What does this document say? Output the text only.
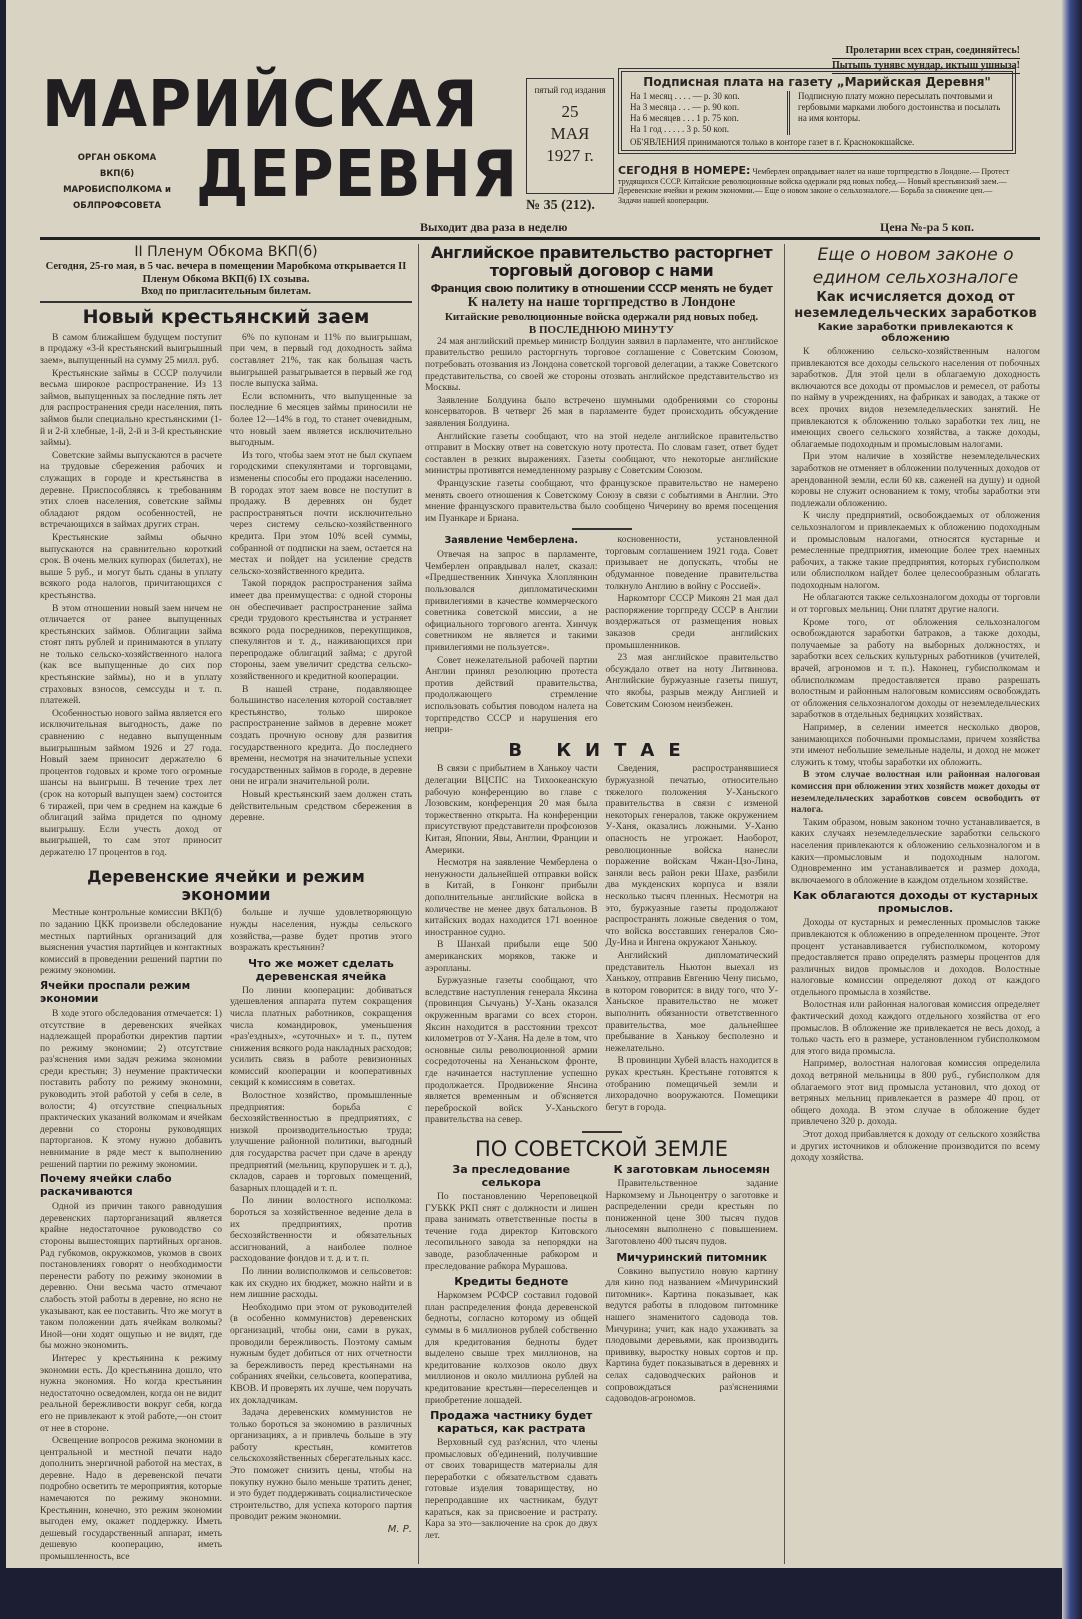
МАРИЙСКАЯ
ДЕРЕВНЯ
ОРГАН ОБКОМА ВКП(б) МАРОБИСПОЛКОМА и ОБЛПРОФСОВЕТА
Пролетарии всех стран, соединяйтесь!
Пытыпь тунявс мундар, иктыш ушныза!
пятый год издания
25
МАЯ
1927 г.
№ 35 (212).
Подписная плата на газету „Марийская Деревня"
На 1 месяц . . . . — р. 30 коп.
На 3 месяца . . . — р. 90 коп.
На 6 месяцев . . . 1 р. 75 коп.
На 1 год . . . . . 3 р. 50 коп.
Подписную плату можно пересылать почтовыми и гербовыми марками любого достоинства и посылать на имя конторы.
ОБ'ЯВЛЕНИЯ принимаются только в конторе газет в г. Краснококшайске.
СЕГОДНЯ В НОМЕРЕ: Чемберлен оправдывает налет на наше торгпредство в Лондоне.— Протест трудящихся СССР. Китайские революционные войска одержали ряд новых побед.— Новый крестьянский заем.— Деревенские ячейки и режим экономии.— Еще о новом законе о сельхозналоге.— Борьба за снижение цен.— Задачи нашей кооперации.
Выходит два раза в неделю	Цена №-ра 5 коп.
II Пленум Обкома ВКП(б)
Сегодня, 25-го мая, в 5 час. вечера в помещении Маробкома открывается II Пленум Обкома ВКП(б) IX созыва.
Вход по пригласительным билетам.
Новый крестьянский заем

В самом ближайшем будущем поступит в продажу «3-й крестьянский выигрышный заем», выпущенный на сумму 25 милл. руб.

Крестьянские займы в СССР получили весьма широкое распространение. Из 13 займов, выпущенных за последние пять лет для распространения среди населения, пять займов были специально крестьянскими (1-й и 2-й хлебные, 1-й, 2-й и 3-й крестьянские займы).

Советские займы выпускаются в расчете на трудовые сбережения рабочих и служащих в городе и крестьянства в деревне. Приспособляясь к требованиям этих слоев населения, советские займы обладают рядом особенностей, не встречающихся в займах других стран.

Крестьянские займы обычно выпускаются на сравнительно короткий срок. В очень мелких купюрах (билетах), не выше 5 руб., и могут быть сданы в уплату всякого рода налогов, причитающихся с крестьянства.

В этом отношении новый заем ничем не отличается от ранее выпущенных крестьянских займов. Облигации займа стоят пять рублей и принимаются в уплату не только сельско-хозяйственного налога (как все выпущенные до сих пор крестьянские займы), но и в уплату страховых взносов, семссуды и т. п. платежей.

Особенностью нового займа является его исключительная выгодность, даже по сравнению с недавно выпущенным выигрышным займом 1926 и 27 года. Новый заем приносит держателю 6 процентов годовых и кроме того огромные шансы на выигрыш. В течение трех лет (срок на который выпущен заем) состоится 6 тиражей, при чем в среднем на каждые 6 облигаций займа придется по одному выигрышу. Если учесть доход от выигрышей, то сам этот приносит держателю 17 процентов в год.

6% по купонам и 11% по выигрышам, при чем, в первый год доходность займа составляет 21%, так как большая часть выигрышей разыгрывается в первый же год после выпуска займа.

Если вспомнить, что выпущенные за последние 6 месяцев займы приносили не более 12—14% в год, то станет очевидным, что новый заем является исключительно выгодным.

Из того, чтобы заем этот не был скупаем городскими спекулянтами и торговцами, изменены способы его продажи населению. В городах этот заем вовсе не поступит в продажу. В деревнях он будет распространяться почти исключительно через систему сельско-хозяйственного кредита. При этом 10% всей суммы, собранной от подписки на заем, остается на местах и пойдет на усиление средств сельско-хозяйственного кредита.

Такой порядок распространения займа имеет два преимущества: с одной стороны он обеспечивает распространение займа среди трудового крестьянства и устраняет всякого рода посредников, перекупщиков, спекулянтов и т. д., наживающихся при перепродаже облигаций займа; с другой стороны, заем увеличит средства сельско-хозяйственного и кредитной кооперации.

В нашей стране, подавляющее большинство населения которой составляет крестьянство, только широкое распространение займов в деревне может создать прочную основу для развития государственного кредита. До последнего времени, несмотря на значительные успехи государственных займов в городе, в деревне они не играли значительной роли.

Новый крестьянский заем должен стать действительным средством сбережения в деревне.

Деревенские ячейки и режим экономии

Местные контрольные комиссии ВКП(б) по заданию ЦКК произвели обследование местных партийных организаций для выяснения участия партийцев и контактных комиссий в проведении решений партии по режиму экономии.

Ячейки проспали режим экономии

В ходе этого обследования отмечается: 1) отсутствие в деревенских ячейках надлежащей проработки директив партии по режиму экономии; 2) отсутствие раз'яснения ими задач режима экономии среди крестьян; 3) неумение практически поставить работу по режиму экономии, руководить этой работой у себя в селе, в волости; 4) отсутствие специальных практических указаний волкомам и ячейкам деревни со стороны руководящих парторганов. К этому нужно добавить невнимание в ряде мест к выполнению решений партии по режиму экономии.

Почему ячейки слабо раскачиваются

Одной из причин такого равнодушия деревенских парторганизаций является крайне недостаточное руководство со стороны вышестоящих партийных органов. Рад губкомов, окружкомов, укомов в своих постановлениях говорят о необходимости перенести работу по режиму экономии в деревню. Они весьма часто отмечают слабость этой работы в деревне, но ясно не указывают, как ее поставить. Что же могут в таком положении дать ячейкам волкомы? Иной—они ходят ощупью и не видят, где бы можно экономить.

Интерес у крестьянина к режиму экономии есть. До крестьянина дошло, что нужна экономия. Но когда крестьянин недостаточно осведомлен, когда он не видит реальной бережливости вокруг себя, когда его не привлекают к этой работе,—он стоит от нее в стороне.

Освещение вопросов режима экономии в центральной и местной печати надо дополнить энергичной работой на местах, в деревне. Надо в деревенской печати подробно осветить те мероприятия, которые намечаются по режиму экономии. Крестьянин, конечно, это режим экономии выгоден ему, окажет поддержку. Иметь дешевый государственный аппарат, иметь дешевую кооперацию, иметь промышленность, все

больше и лучше удовлетворяющую нужды населения, нужды сельского хозяйства,—разве будет против этого возражать крестьянин?

Что же может сделать деревенская ячейка

По линии кооперации: добиваться удешевления аппарата путем сокращения числа платных работников, сокращения числа командировок, уменьшения «раз'ездных», «суточных» и т. п., путем снижения всякого рода накладных расходов; усилить связь в работе ревизионных комиссий кооперации и кооперативных секций к комиссиям в советах.

Волостное хозяйство, промышленные предприятия: борьба с бесхозяйственностью в предприятиях, с низкой производительностью труда; улучшение районной политики, выгодный для государства расчет при сдаче в аренду предприятий (мельниц, крупорушек и т. д.), складов, сараев и торговых помещений, базарных площадей и т. п.

По линии волостного исполкома: бороться за хозяйственное ведение дела в их предприятиях, против бесхозяйственности и обязательных ассигнований, а наиболее полное расходование фондов и т. д. и т. п.

По линии волисполкомов и сельсоветов: как их скудно их бюджет, можно найти и в нем лишние расходы.

Необходимо при этом от руководителей (в особенно коммунистов) деревенских организаций, чтобы они, сами в руках, проводили бережливость. Поэтому самым нужным будет добиться от них отчетности за бережливость перед крестьянами на собраниях ячейки, сельсовета, кооператива, КВОВ. И проверять их лучше, чем поручать их докладчикам.

Задача деревенских коммунистов не только бороться за экономию в различных организациях, а и привлечь больше в эту работу крестьян, комитетов сельскохозяйственных сберегательных касс. Это поможет снизить цены, чтобы на покупку нужно было меньше тратить денег, и это будет поддерживать социалистическое строительство, для успеха которого партия проводит режим экономии.

М. Р.
Английское правительство расторгнет торговый договор с нами
Франция свою политику в отношении СССР менять не будет
К налету на наше торгпредство в Лондоне
Китайские революционные войска одержали ряд новых побед.
В ПОСЛЕДНЮЮ МИНУТУ

24 мая английский премьер министр Болдуин заявил в парламенте, что английское правительство решило расторгнуть торговое соглашение с Советским Союзом, потребовать отозвания из Лондона советской торговой делегации, а также Советского представительства, со своей же стороны отозвать английское представительство из Москвы.

Заявление Болдуина было встречено шумными одобрениями со стороны консерваторов. В четверг 26 мая в парламенте будет происходить обсуждение заявления Болдуина.

Английские газеты сообщают, что на этой неделе английское правительство отправит в Москву ответ на советскую ноту протеста. По словам газет, ответ будет составлен в резких выражениях. Газеты сообщают, что некоторые английские министры противятся немедленному разрыву с Советским Союзом.

Французские газеты сообщают, что французское правительство не намерено менять своего отношения к Советскому Союзу в связи с событиями в Англии. Это мнение французского правительства было сообщено Чичерину во время посещения им Пуанкаре и Бриана.

Заявление Чемберлена.

Отвечая на запрос в парламенте, Чемберлен оправдывал налет, сказал: «Предшественник Хинчука Хлоплянкин пользовался дипломатическими привилегиями в качестве коммерческого советника советской миссии, а не официального торгового агента. Хинчук советником не является и такими привилегиями не пользуется».

Совет нежелательной рабочей партии Англии принял резолюцию протеста против действий правительства, продолжающего стремление использовать события поводом налета на торгпредство СССР и нарушения его непри-

косновенности, установленной торговым соглашением 1921 года. Совет призывает не допускать, чтобы не обдуманное поведение правительства толкнуло Англию в войну с Россией».

Наркомторг СССР Микоян 21 мая дал распоряжение торгпреду СССР в Англии воздержаться от размещения новых заказов среди английских промышленников.

23 мая английское правительство обсуждало ответ на ноту Литвинова. Английские буржуазные газеты пишут, что якобы, разрыв между Англией и Советским Союзом неизбежен.

В КИТАЕ

В связи с прибытием в Ханькоу части делегации ВЦСПС на Тихоокеанскую рабочую конференцию во главе с Лозовским, конференция 20 мая была торжественно открыта. На конференции присутствуют представители профсоюзов Китая, Японии, Явы, Англии, Франции и Америки.

Несмотря на заявление Чемберлена о ненужности дальнейшей отправки войск в Китай, в Гонконг прибыли дополнительные английские войска в количестве не менее двух батальонов. В китайских водах находится 171 военное иностранное судно.

В Шанхай прибыли еще 500 американских моряков, также и аэропланы.

Буржуазные газеты сообщают, что вследствие наступления генерала Яксина (провинция Сычуань) У-Хань оказался окруженным врагами со всех сторон. Яксин находится в расстоянии трехсот километров от У-Ханя. На деле в том, что основные силы революционной армии сосредоточены на Хенаньском фронте, где начинается наступление успешно продолжается. Продвижение Янсина является временным и об'ясняется переброской войск У-Ханьского правительства на север.

Сведения, распространявшиеся буржуазной печатью, относительно тяжелого положения У-Ханьского правительства в связи с изменой некоторых генералов, также окружением У-Ханя, оказались ложными. У-Ханю опасность не угрожает. Наоборот, революционные войска нанесли поражение войскам Чжан-Цзо-Лина, заняли весь район реки Шахе, разбили два мукденских корпуса и взяли несколько тысяч пленных. Несмотря на это, буржуазные газеты продолжают распространять ложные сведения о том, что войска восставших генералов Сяо-Ду-Ина и Ингена окружают Ханькоу.

Английский дипломатический представитель Ньютон выехал из Ханькоу, отправив Евгению Чену письмо, в котором говорится: в виду того, что У-Ханьское правительство не может выполнить обязанности ответственного правительства, мое дальнейшее пребывание в Ханькоу бесполезно и нежелательно.

В провинции Хубей власть находится в руках крестьян. Крестьяне готовятся к отобранию помещичьей земли и лихорадочно вооружаются. Помещики бегут в города.

ПО СОВЕТСКОЙ ЗЕМЛЕ
За преследование селькора

По постановлению Череповецкой ГУБКК РКП снят с должности и лишен права занимать ответственные посты в течение года директор Китовского лесопильного завода за непорядки на заводе, разоблаченные рабкором и преследование рабкора Мурашова.

Кредиты бедноте

Наркомзем РСФСР составил годовой план распределения фонда деревенской бедноты, согласно которому из общей суммы в 6 миллионов рублей собственно для кредитования бедноты будет выделено свыше трех миллионов, на кредитование колхозов около двух миллионов и около миллиона рублей на кредитование крестьян—переселенцев и приобретение лошадей.

Продажа частнику будет караться, как растрата

Верховный суд раз'яснил, что члены промысловых об'единений, получившие от своих товариществ материалы для переработки с обязательством сдавать готовые изделия товариществу, но перепродавшие их частникам, будут караться, как за присвоение и растрату. Кара за это—заключение на срок до двух лет.

К заготовкам льносемян

Правительственное задание Наркомзему и Льноцентру о заготовке и распределении среди крестьян по пониженной цене 300 тысяч пудов льносемян выполнено с повышением. Заготовлено 400 тысяч пудов.

Мичуринский питомник

Совкино выпустило новую картину для кино под названием «Мичуринский питомник». Картина показывает, как ведутся работы в плодовом питомнике нашего знаменитого садовода тов. Мичурина; учит, как надо ухаживать за плодовыми деревьями, как производить прививку, выростку новых сортов и пр. Картина будет показываться в деревнях и селах садоводческих районов и сопровождаться раз'яснениями садоводов-агрономов.

Еще о новом законе о едином сельхозналоге
Как исчисляется доход от неземледельческих заработков
Какие заработки привлекаются к обложению

К обложению сельско-хозяйственным налогом привлекаются все доходы сельского населения от побочных заработков. Для этой цели в облагаемую доходность включаются все доходы от промыслов и ремесел, от работы по найму в учреждениях, на фабриках и заводах, а также от всех прочих видов неземледельческих занятий. Не привлекаются к обложению только заработки тех лиц, не имеющих своего сельского хозяйства, а также доходы, облагаемые подоходным и промысловым налогами.

При этом наличие в хозяйстве неземледельческих заработков не отменяет в обложении полученных доходов от арендованной земли, если 60 кв. саженей на душу) и одной коровы не служит основанием к тому, чтобы заработки эти подлежали обложению.

К числу предприятий, освобождаемых от обложения сельхозналогом и привлекаемых к обложению подоходным и промысловым налогами, относятся кустарные и ремесленные предприятия, имеющие более трех наемных рабочих, а также такие предприятия, которых губисполком или облисполком найдет более целесообразным облагать подоходным налогом.

Не облагаются также сельхозналогом доходы от торговли и от торговых мельниц. Они платят другие налоги.

Кроме того, от обложения сельхозналогом освобождаются заработки батраков, а также доходы, получаемые за работу на выборных должностях, и заработки всех сельских культурных работников (учителей, врачей, агрономов и т. п.). Наконец, губисполкомам и облисполкомам предоставляется право разрешать волостным и районным налоговым комиссиям освобождать от обложения сельхозналогом доходы от неземледельческих заработков в отдельных бедняцких хозяйствах.

Например, в селении имеется несколько дворов, занимающихся побочными промыслами, причем хозяйства эти имеют небольшие земельные наделы, и доход не может служить к тому, чтобы заработки их обложить.

В этом случае волостная или районная налоговая комиссия при обложении этих хозяйств может доходы от неземледельческих заработков совсем освободить от налога.

Таким образом, новым законом точно устанавливается, в каких случаях неземледельческие заработки сельского населения привлекаются к обложению сельхозналогом и в каких—промысловым и подоходным налогом. Одновременно им устанавливается и размер дохода, включаемого в обложение в каждом отдельном хозяйстве.

Как облагаются доходы от кустарных промыслов.

Доходы от кустарных и ремесленных промыслов также привлекаются к обложению в определенном проценте. Этот процент устанавливается губисполкомом, которому предоставляется право определять размеры процентов для различных видов промыслов и доходов. Волостные налоговые комиссии определяют доход от каждого отдельного промысла в хозяйстве.

Волостная или районная налоговая комиссия определяет фактический доход каждого отдельного хозяйства от его промыслов. В обложение же привлекается не весь доход, а только часть его в размере, установленном губисполкомом для этого вида промысла.

Например, волостная налоговая комиссия определила доход ветряной мельницы в 800 руб., губисполком для облагаемого этот вид промысла установил, что доход от ветряных мельниц привлекается в размере 40 проц. от общего дохода. В этом случае в обложение будет привлечено 320 р. дохода.

Этот доход прибавляется к доходу от сельского хозяйства и других источников и обложение производится по всему доходу хозяйства.
